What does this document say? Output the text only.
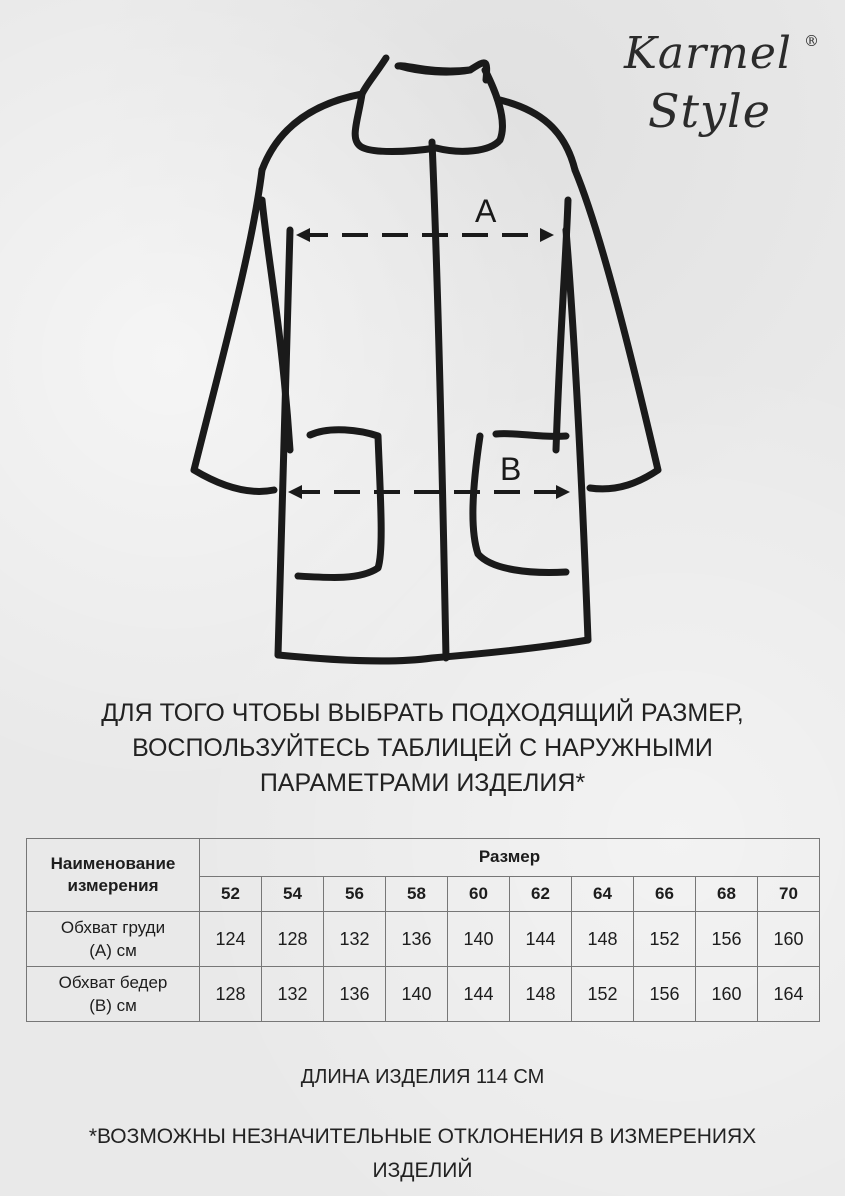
Karmel ®
Style
A
B
ДЛЯ ТОГО ЧТОБЫ ВЫБРАТЬ ПОДХОДЯЩИЙ РАЗМЕР,
ВОСПОЛЬЗУЙТЕСЬ ТАБЛИЦЕЙ С НАРУЖНЫМИ
ПАРАМЕТРАМИ ИЗДЕЛИЯ*
Наименование
измерения	Размер									
	52	54	56	58	60	62	64	66	68	70
Обхват груди
(А) см	124	128	132	136	140	144	148	152	156	160
Обхват бедер
(В) см	128	132	136	140	144	148	152	156	160	164
ДЛИНА ИЗДЕЛИЯ 114 СМ
*ВОЗМОЖНЫ НЕЗНАЧИТЕЛЬНЫЕ ОТКЛОНЕНИЯ В ИЗМЕРЕНИЯХ
ИЗДЕЛИЙ
